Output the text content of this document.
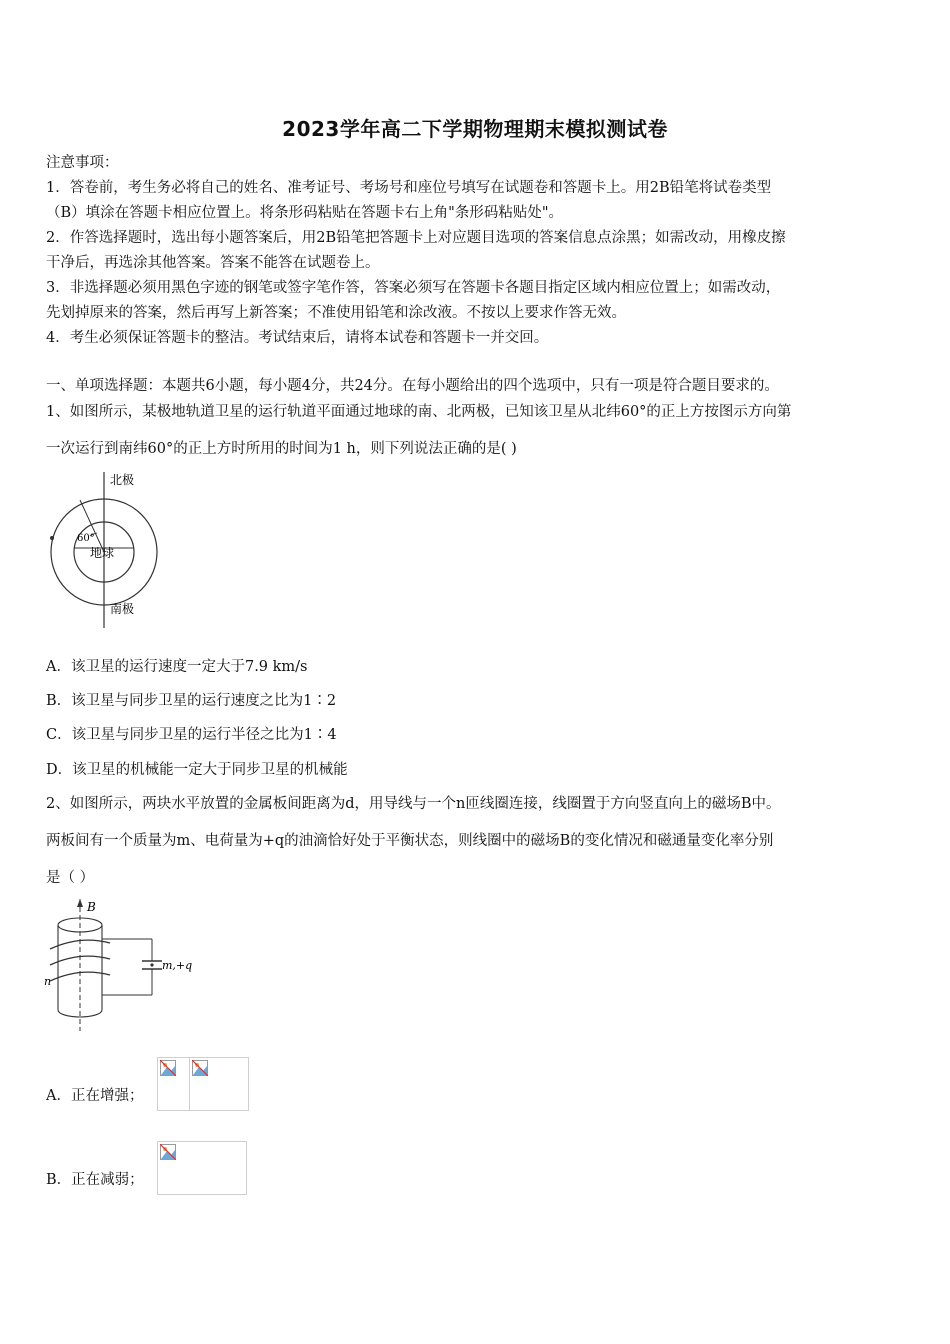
2023学年高二下学期物理期末模拟测试卷
注意事项：
1．答卷前，考生务必将自己的姓名、准考证号、考场号和座位号填写在试题卷和答题卡上。用2B铅笔将试卷类型
（B）填涂在答题卡相应位置上。将条形码粘贴在答题卡右上角"条形码粘贴处"。
2．作答选择题时，选出每小题答案后，用2B铅笔把答题卡上对应题目选项的答案信息点涂黑；如需改动，用橡皮擦
干净后，再选涂其他答案。答案不能答在试题卷上。
3．非选择题必须用黑色字迹的钢笔或签字笔作答，答案必须写在答题卡各题目指定区域内相应位置上；如需改动，
先划掉原来的答案，然后再写上新答案；不准使用铅笔和涂改液。不按以上要求作答无效。
4．考生必须保证答题卡的整洁。考试结束后，请将本试卷和答题卡一并交回。
一、单项选择题：本题共6小题，每小题4分，共24分。在每小题给出的四个选项中，只有一项是符合题目要求的。
1、如图所示，某极地轨道卫星的运行轨道平面通过地球的南、北两极，已知该卫星从北纬60°的正上方按图示方向第
一次运行到南纬60°的正上方时所用的时间为1 h，则下列说法正确的是( )
北极
南极
地球
60°
A．该卫星的运行速度一定大于7.9 km/s
B．该卫星与同步卫星的运行速度之比为1∶2
C．该卫星与同步卫星的运行半径之比为1∶4
D．该卫星的机械能一定大于同步卫星的机械能
2、如图所示，两块水平放置的金属板间距离为d，用导线与一个n匝线圈连接，线圈置于方向竖直向上的磁场B中。
两板间有一个质量为m、电荷量为+q的油滴恰好处于平衡状态，则线圈中的磁场B的变化情况和磁通量变化率分别
是（ ）
B
m,+q
n
A．正在增强；
B．正在减弱；
